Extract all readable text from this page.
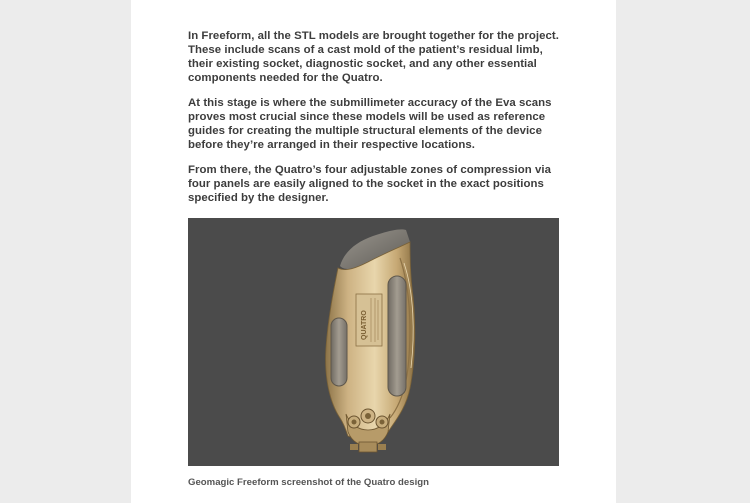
In Freeform, all the STL models are brought together for the project. These include scans of a cast mold of the patient’s residual limb, their existing socket, diagnostic socket, and any other essential components needed for the Quatro.

At this stage is where the submillimeter accuracy of the Eva scans proves most crucial since these models will be used as reference guides for creating the multiple structural elements of the device before they’re arranged in their respective locations.

From there, the Quatro’s four adjustable zones of compression via four panels are easily aligned to the socket in the exact positions specified by the designer.

QUATRO
Geomagic Freeform screenshot of the Quatro design
